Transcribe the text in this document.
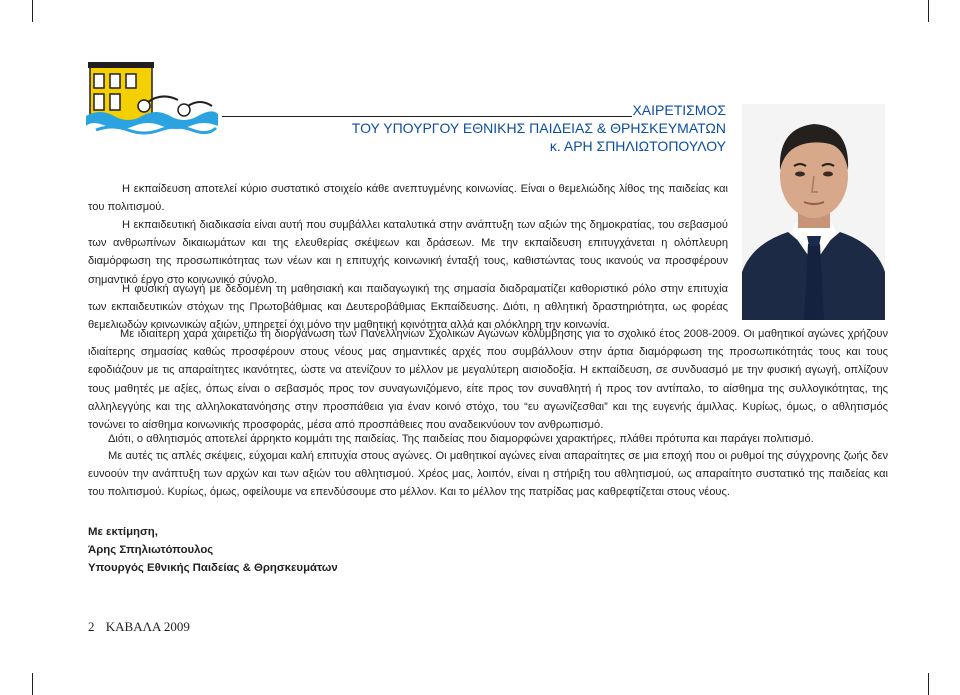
ΧΑΙΡΕΤΙΣΜΟΣ
ΤΟΥ ΥΠΟΥΡΓΟΥ ΕΘΝΙΚΗΣ ΠΑΙΔΕΙΑΣ & ΘΡΗΣΚΕΥΜΑΤΩΝ
κ. ΑΡΗ ΣΠΗΛΙΩΤΟΠΟΥΛΟΥ

Η εκπαίδευση αποτελεί κύριο συστατικό στοιχείο κάθε ανεπτυγμένης κοινωνίας. Είναι ο θεμελιώδης λίθος της παιδείας και του πολιτισμού.

Η εκπαιδευτική διαδικασία είναι αυτή που συμβάλλει καταλυτικά στην ανάπτυξη των αξιών της δημοκρατίας, του σεβασμού των ανθρωπίνων δικαιωμάτων και της ελευθερίας σκέψεων και δράσεων. Με την εκπαίδευση επιτυγχάνεται η ολόπλευρη διαμόρφωση της προσωπικότητας των νέων και η επιτυχής κοινωνική ένταξή τους, καθιστώντας τους ικανούς να προσφέρουν σημαντικό έργο στο κοινωνικό σύνολο.

Η φυσική αγωγή με δεδομένη τη μαθησιακή και παιδαγωγική της σημασία διαδραματίζει καθοριστικό ρόλο στην επιτυχία των εκπαιδευτικών στόχων της Πρωτοβάθμιας και Δευτεροβάθμιας Εκπαίδευσης. Διότι, η αθλητική δραστηριότητα, ως φορέας θεμελιωδών κοινωνικών αξιών, υπηρετεί όχι μόνο την μαθητική κοινότητα αλλά και ολόκληρη την κοινωνία.

Με ιδιαίτερη χαρά χαιρετίζω τη διοργάνωση των Πανελληνίων Σχολικών Αγώνων κολύμβησης για το σχολικό έτος 2008-2009. Οι μαθητικοί αγώνες χρήζουν ιδιαίτερης σημασίας καθώς προσφέρουν στους νέους μας σημαντικές αρχές που συμβάλλουν στην άρτια διαμόρφωση της προσωπικότητάς τους και τους εφοδιάζουν με τις απαραίτητες ικανότητες, ώστε να ατενίζουν το μέλλον με μεγαλύτερη αισιοδοξία. Η εκπαίδευση, σε συνδυασμό με την φυσική αγωγή, οπλίζουν τους μαθητές με αξίες, όπως είναι ο σεβασμός προς τον συναγωνιζόμενο, είτε προς τον συναθλητή ή προς τον αντίπαλο, το αίσθημα της συλλογικότητας, της αλληλεγγύης και της αλληλοκατανόησης στην προσπάθεια για έναν κοινό στόχο, του “ευ αγωνίζεσθαι” και της ευγενής άμιλλας. Κυρίως, όμως, ο αθλητισμός τονώνει το αίσθημα κοινωνικής προσφοράς, μέσα από προσπάθειες που αναδεικνύουν τον ανθρωπισμό.

Διότι, ο αθλητισμός αποτελεί άρρηκτο κομμάτι της παιδείας. Της παιδείας που διαμορφώνει χαρακτήρες, πλάθει πρότυπα και παράγει πολιτισμό.

Με αυτές τις απλές σκέψεις, εύχομαι καλή επιτυχία στους αγώνες. Οι μαθητικοί αγώνες είναι απαραίτητες σε μια εποχή που οι ρυθμοί της σύγχρονης ζωής δεν ευνοούν την ανάπτυξη των αρχών και των αξιών του αθλητισμού. Χρέος μας, λοιπόν, είναι η στήριξη του αθλητισμού, ως απαραίτητο συστατικό της παιδείας και του πολιτισμού. Κυρίως, όμως, οφείλουμε να επενδύσουμε στο μέλλον. Και το μέλλον της πατρίδας μας καθρεφτίζεται στους νέους.

Με εκτίμηση,

Άρης Σπηλιωτόπουλος

Υπουργός Εθνικής Παιδείας & Θρησκευμάτων

2 ΚΑΒΑΛΑ 2009
